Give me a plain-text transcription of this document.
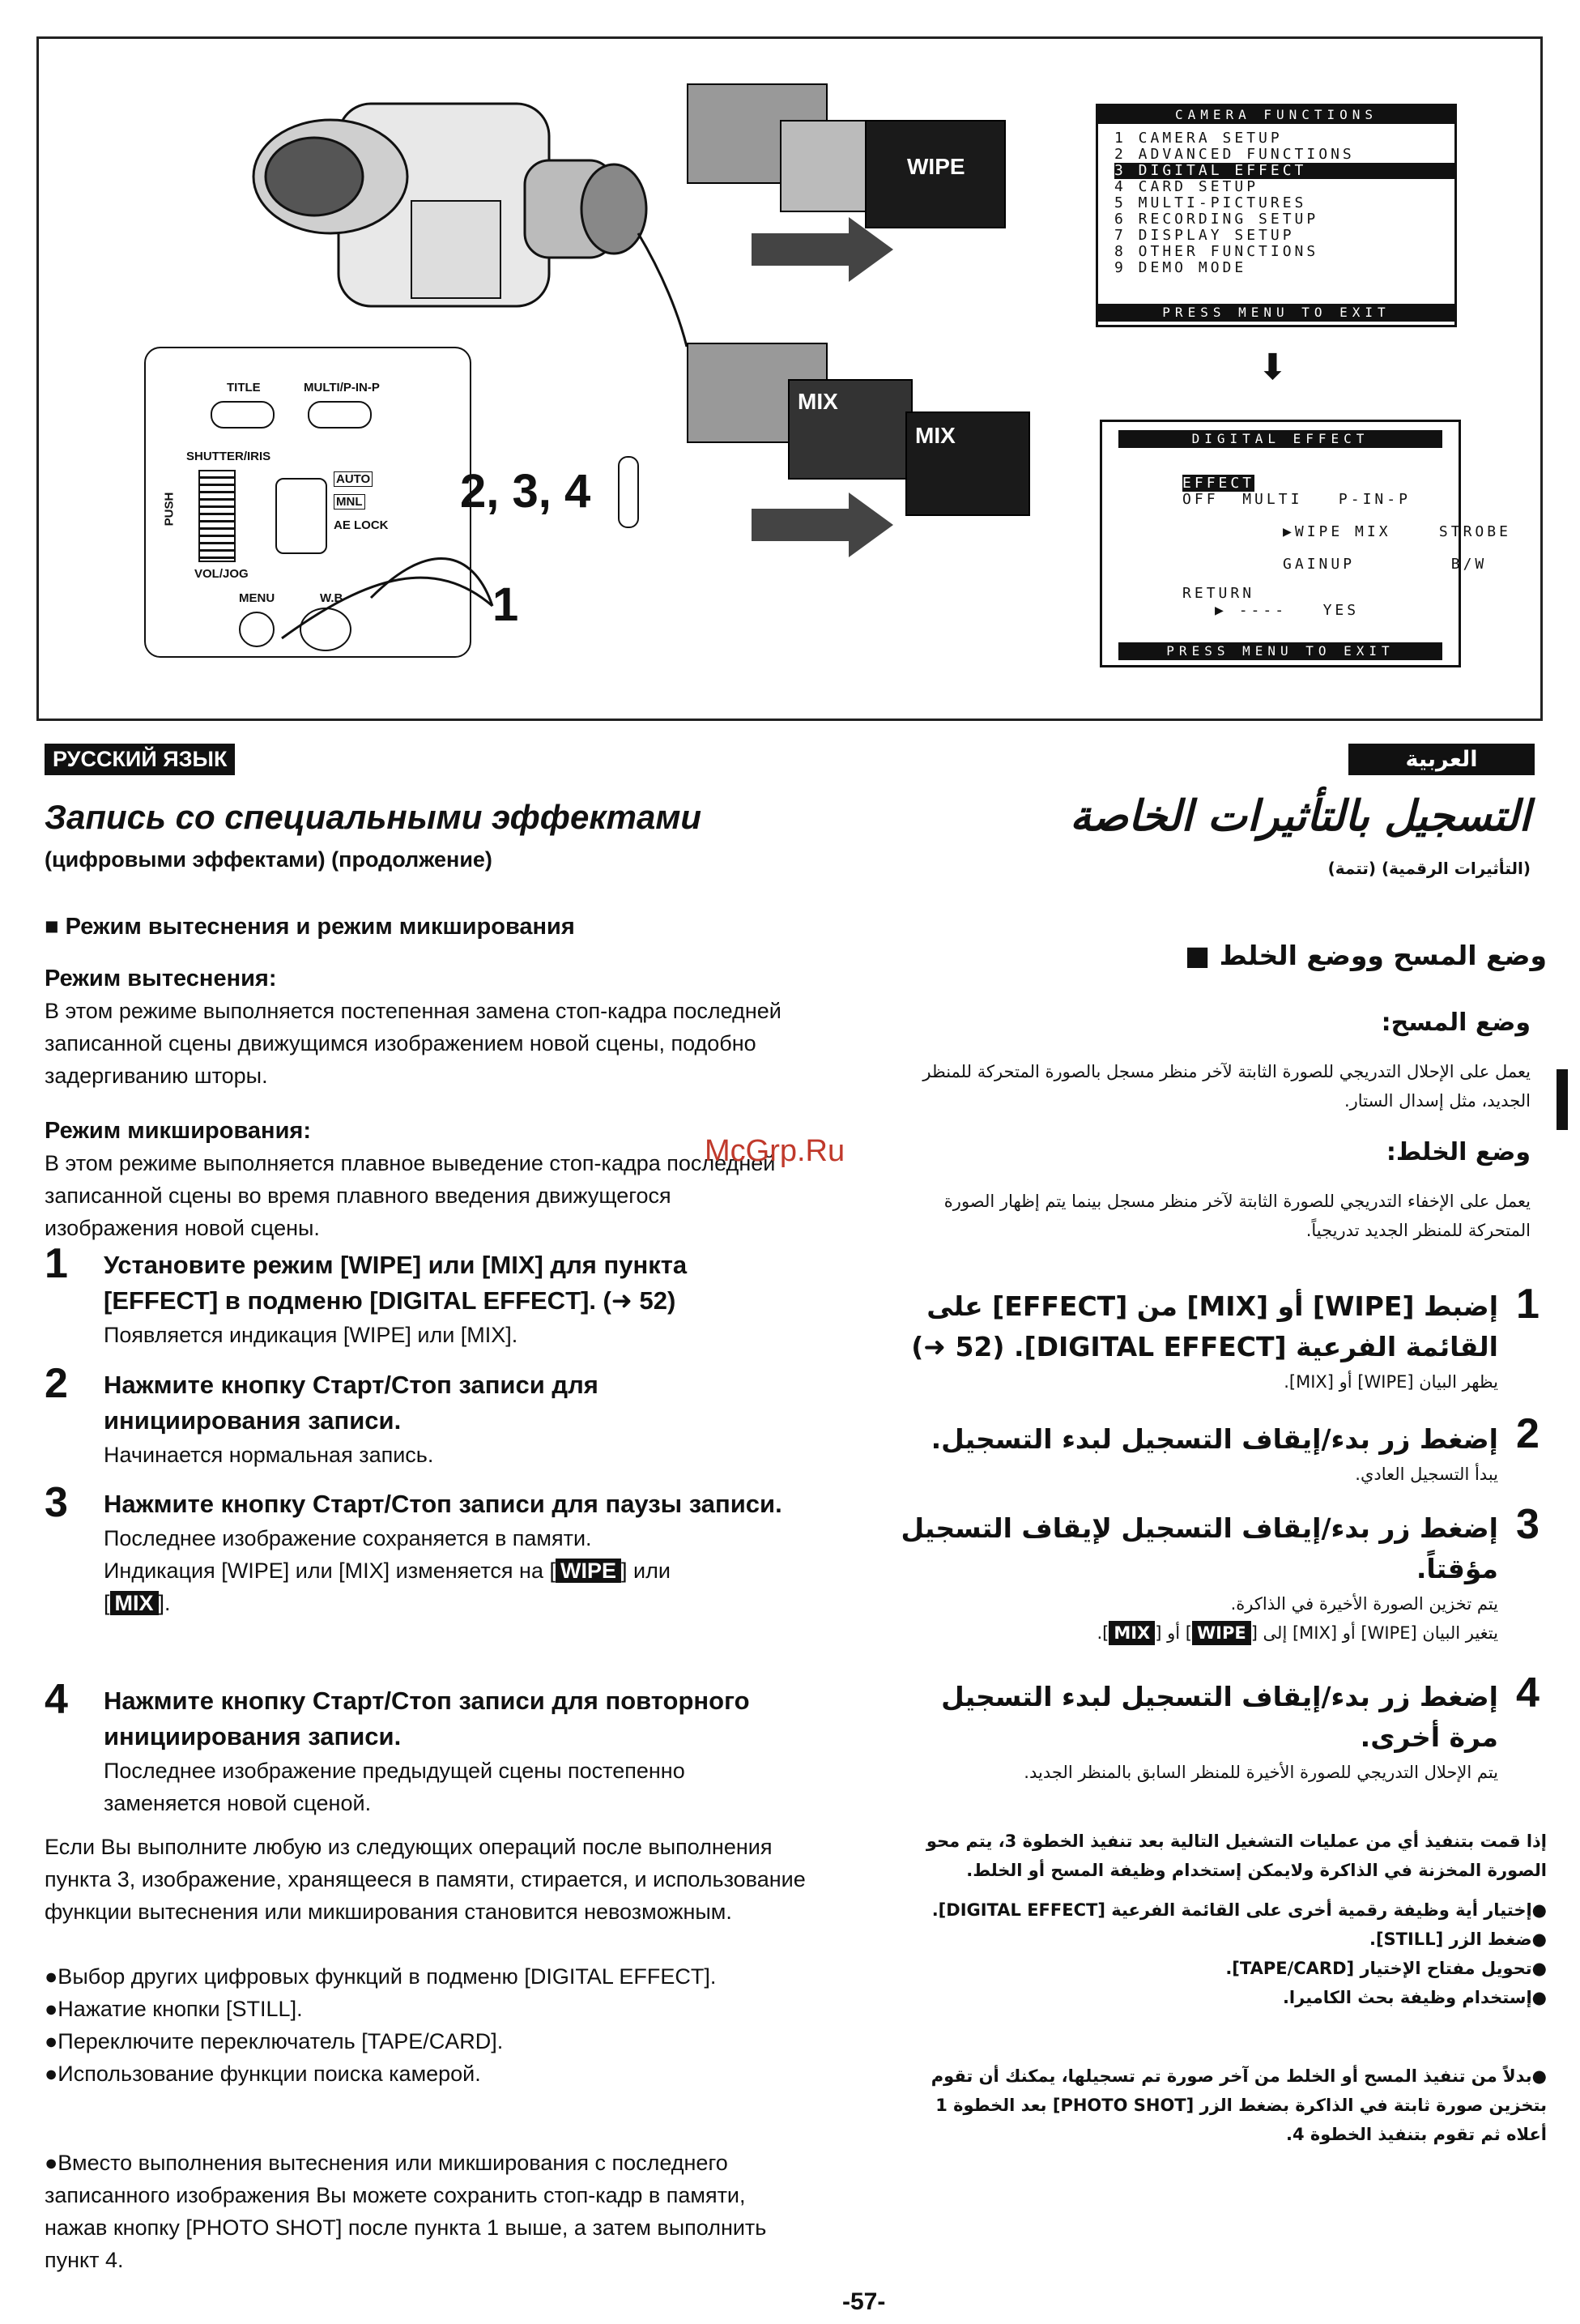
TITLE	MULTI/P-IN-P
SHUTTER/IRIS
PUSH
AUTO
MNL
AE LOCK
VOL/JOG
MENU	W.B
2, 3, 4
1
WIPE
MIX
MIX
CAMERA FUNCTIONS
1 CAMERA SETUP
2 ADVANCED FUNCTIONS
3 DIGITAL EFFECT
4 CARD SETUP
5 MULTI-PICTURES
6 RECORDING SETUP
7 DISPLAY SETUP
8 OTHER FUNCTIONS
9 DEMO MODE
PRESS MENU TO EXIT
⬇
DIGITAL EFFECT

EFFECT
OFF  MULTI   P-IN-P

▶WIPE MIX    STROBE

GAINUP        B/W

RETURN
▶ ----   YES

PRESS MENU TO EXIT
РУССКИЙ ЯЗЫК
Запись со специальными эффектами
(цифровыми эффектами) (продолжение)
■ Режим вытеснения и режим микширования
Режим вытеснения:
В этом режиме выполняется постепенная замена стоп-кадра последней записанной сцены движущимся изображением новой сцены, подобно задергиванию шторы.
Режим микширования:
В этом режиме выполняется плавное выведение стоп-кадра последней записанной сцены во время плавного введения движущегося изображения новой сцены.
1 Установите режим [WIPE] или [MIX] для пункта [EFFECT] в подменю [DIGITAL EFFECT]. (➜ 52)
Появляется индикация [WIPE] или [MIX].
2 Нажмите кнопку Старт/Стоп записи для инициирования записи.
Начинается нормальная запись.
3 Нажмите кнопку Старт/Стоп записи для паузы записи.
Последнее изображение сохраняется в памяти.
Индикация [WIPE] или [MIX] изменяется на [ WIPE ] или
[ MIX ].
4 Нажмите кнопку Старт/Стоп записи для повторного инициирования записи.
Последнее изображение предыдущей сцены постепенно заменяется новой сценой.
Если Вы выполните любую из следующих операций после выполнения пункта 3, изображение, хранящееся в памяти, стирается, и использование функции вытеснения или микширования становится невозможным.
●Выбор других цифровых функций в подменю [DIGITAL EFFECT].
●Нажатие кнопки [STILL].
●Переключите переключатель [TAPE/CARD].
●Использование функции поиска камерой.
●Вместо выполнения вытеснения или микширования с последнего записанного изображения Вы можете сохранить стоп-кадр в памяти, нажав кнопку [PHOTO SHOT] после пункта 1 выше, а затем выполнить пункт 4.
العربية
التسجيل بالتأثيرات الخاصة
(التأثيرات الرقمية) (تتمة)
وضع المسح ووضع الخلط ■
وضع المسح:
يعمل على الإحلال التدريجي للصورة الثابتة لآخر منظر مسجل بالصورة المتحركة للمنظر الجديد، مثل إسدال الستار.
وضع الخلط:
يعمل على الإخفاء التدريجي للصورة الثابتة لآخر منظر مسجل بينما يتم إظهار الصورة المتحركة للمنظر الجديد تدريجياً.
1
إضبط [WIPE] أو [MIX] من [EFFECT] على القائمة الفرعية [DIGITAL EFFECT]. (52 ➜)
يظهر البيان [WIPE] أو [MIX].
2
إضغط زر بدء/إيقاف التسجيل لبدء التسجيل.
يبدأ التسجيل العادي.
3
إضغط زر بدء/إيقاف التسجيل لإيقاف التسجيل مؤقتاً.
يتم تخزين الصورة الأخيرة في الذاكرة.
يتغير البيان [WIPE] أو [MIX] إلى [WIPE] أو [MIX].
4
إضغط زر بدء/إيقاف التسجيل لبدء التسجيل مرة أخرى.
يتم الإحلال التدريجي للصورة الأخيرة للمنظر السابق بالمنظر الجديد.
إذا قمت بتنفيذ أي من عمليات التشغيل التالية بعد تنفيذ الخطوة 3، يتم محو الصورة المخزنة في الذاكرة ولايمكن إستخدام وظيفة المسح أو الخلط.
●إختيار أية وظيفة رقمية أخرى على القائمة الفرعية [DIGITAL EFFECT].
●ضغط الزر [STILL].
●تحويل مفتاح الإختيار [TAPE/CARD].
●إستخدام وظيفة بحث الكاميرا.
●بدلاً من تنفيذ المسح أو الخلط من آخر صورة تم تسجيلها، يمكنك أن تقوم بتخزين صورة ثابتة في الذاكرة بضغط الزر [PHOTO SHOT] بعد الخطوة 1 أعلاه ثم تقوم بتنفيذ الخطوة 4.
McGrp.Ru
-57-
